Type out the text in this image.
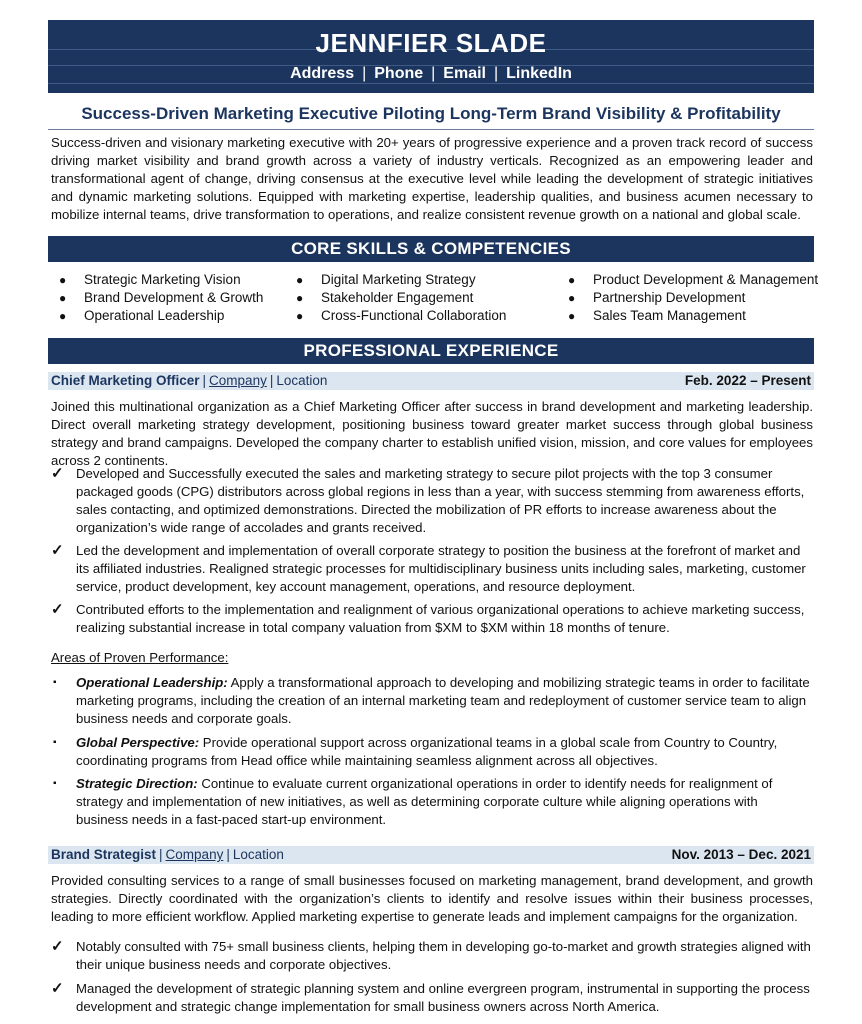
JENNFIER SLADE
Address | Phone | Email | LinkedIn
Success-Driven Marketing Executive Piloting Long-Term Brand Visibility & Profitability
Success-driven and visionary marketing executive with 20+ years of progressive experience and a proven track record of success driving market visibility and brand growth across a variety of industry verticals. Recognized as an empowering leader and transformational agent of change, driving consensus at the executive level while leading the development of strategic initiatives and dynamic marketing solutions. Equipped with marketing expertise, leadership qualities, and business acumen necessary to mobilize internal teams, drive transformation to operations, and realize consistent revenue growth on a national and global scale.
CORE SKILLS & COMPETENCIES
● Strategic Marketing Vision
● Brand Development & Growth
● Operational Leadership
● Digital Marketing Strategy
● Stakeholder Engagement
● Cross-Functional Collaboration
● Product Development & Management
● Partnership Development
● Sales Team Management
PROFESSIONAL EXPERIENCE
Chief Marketing Officer | Company | Location	Feb. 2022 – Present
Joined this multinational organization as a Chief Marketing Officer after success in brand development and marketing leadership. Direct overall marketing strategy development, positioning business toward greater market success through global business strategy and brand campaigns. Developed the company charter to establish unified vision, mission, and core values for employees across 2 continents.
✓ Developed and Successfully executed the sales and marketing strategy to secure pilot projects with the top 3 consumer packaged goods (CPG) distributors across global regions in less than a year, with success stemming from awareness efforts, sales contacting, and optimized demonstrations. Directed the mobilization of PR efforts to increase awareness about the organization’s wide range of accolades and grants received.
✓ Led the development and implementation of overall corporate strategy to position the business at the forefront of market and its affiliated industries. Realigned strategic processes for multidisciplinary business units including sales, marketing, customer service, product development, key account management, operations, and resource deployment.
✓ Contributed efforts to the implementation and realignment of various organizational operations to achieve marketing success, realizing substantial increase in total company valuation from $XM to $XM within 18 months of tenure.
Areas of Proven Performance:
▪ Operational Leadership: Apply a transformational approach to developing and mobilizing strategic teams in order to facilitate marketing programs, including the creation of an internal marketing team and redeployment of customer service team to align business needs and corporate goals.
▪ Global Perspective: Provide operational support across organizational teams in a global scale from Country to Country, coordinating programs from Head office while maintaining seamless alignment across all objectives.
▪ Strategic Direction: Continue to evaluate current organizational operations in order to identify needs for realignment of strategy and implementation of new initiatives, as well as determining corporate culture while aligning operations with business needs in a fast-paced start-up environment.
Brand Strategist | Company | Location	Nov. 2013 – Dec. 2021
Provided consulting services to a range of small businesses focused on marketing management, brand development, and growth strategies. Directly coordinated with the organization’s clients to identify and resolve issues within their business processes, leading to more efficient workflow. Applied marketing expertise to generate leads and implement campaigns for the organization.
✓ Notably consulted with 75+ small business clients, helping them in developing go-to-market and growth strategies aligned with their unique business needs and corporate objectives.
✓ Managed the development of strategic planning system and online evergreen program, instrumental in supporting the process development and strategic change implementation for small business owners across North America.
